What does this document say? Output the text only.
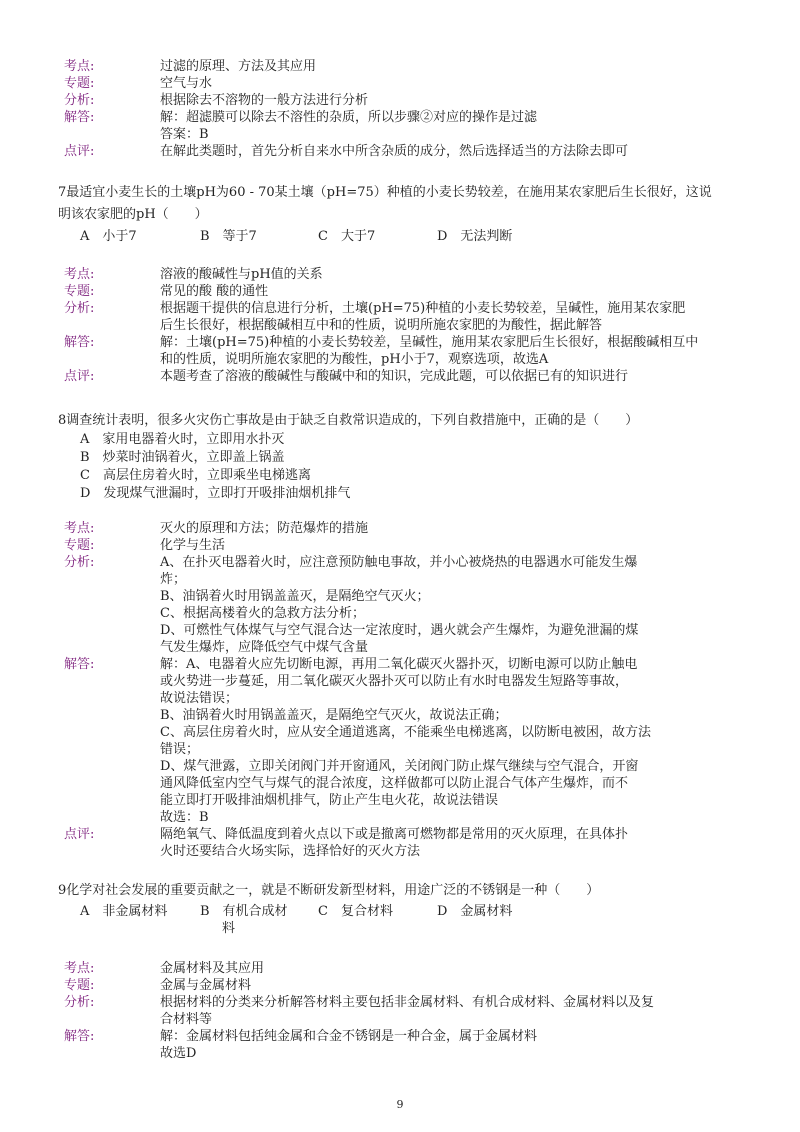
考点:	过滤的原理、方法及其应用
专题:	空气与水
分析:	根据除去不溶物的一般方法进行分析
解答:	解：超滤膜可以除去不溶性的杂质，所以步骤②对应的操作是过滤
答案：B
点评:	在解此类题时，首先分析自来水中所含杂质的成分，然后选择适当的方法除去即可
7最适宜小麦生长的土壤pH为60 - 70某土壤（pH=75）种植的小麦长势较差，在施用某农家肥后生长很好，这说
明该农家肥的pH（　　）
A　小于7	B　等于7	C　大于7	D　无法判断
考点:	溶液的酸碱性与pH值的关系
专题:	常见的酸 酸的通性
分析:	根据题干提供的信息进行分析，土壤(pH=75)种植的小麦长势较差，呈碱性，施用某农家肥
后生长很好，根据酸碱相互中和的性质，说明所施农家肥的为酸性，据此解答
解答:	解：土壤(pH=75)种植的小麦长势较差，呈碱性，施用某农家肥后生长很好，根据酸碱相互中
和的性质，说明所施农家肥的为酸性，pH小于7，观察选项，故选A
点评:	本题考查了溶液的酸碱性与酸碱中和的知识，完成此题，可以依据已有的知识进行
8调查统计表明，很多火灾伤亡事故是由于缺乏自救常识造成的，下列自救措施中，正确的是（　　）
A　家用电器着火时，立即用水扑灭
B　炒菜时油锅着火，立即盖上锅盖
C　高层住房着火时，立即乘坐电梯逃离
D　发现煤气泄漏时，立即打开吸排油烟机排气
考点:	灭火的原理和方法；防范爆炸的措施
专题:	化学与生活
分析:	A、在扑灭电器着火时，应注意预防触电事故，并小心被烧热的电器遇水可能发生爆
炸；
B、油锅着火时用锅盖盖灭，是隔绝空气灭火；
C、根据高楼着火的急救方法分析；
D、可燃性气体煤气与空气混合达一定浓度时，遇火就会产生爆炸，为避免泄漏的煤
气发生爆炸，应降低空气中煤气含量
解答:	解：A、电器着火应先切断电源，再用二氧化碳灭火器扑灭，切断电源可以防止触电
或火势进一步蔓延，用二氧化碳灭火器扑灭可以防止有水时电器发生短路等事故，
故说法错误；
B、油锅着火时用锅盖盖灭，是隔绝空气灭火，故说法正确；
C、高层住房着火时，应从安全通道逃离，不能乘坐电梯逃离，以防断电被困，故方法
错误；
D、煤气泄露，立即关闭阀门并开窗通风，关闭阀门防止煤气继续与空气混合，开窗
通风降低室内空气与煤气的混合浓度，这样做都可以防止混合气体产生爆炸，而不
能立即打开吸排油烟机排气，防止产生电火花，故说法错误
故选：B
点评:	隔绝氧气、降低温度到着火点以下或是撤离可燃物都是常用的灭火原理，在具体扑
火时还要结合火场实际，选择恰好的灭火方法
9化学对社会发展的重要贡献之一，就是不断研发新型材料，用途广泛的不锈钢是一种（　　）
A　非金属材料	B　有机合成材
料
C　复合材料	D　金属材料
考点:	金属材料及其应用
专题:	金属与金属材料
分析:	根据材料的分类来分析解答材料主要包括非金属材料、有机合成材料、金属材料以及复
合材料等
解答:	解：金属材料包括纯金属和合金不锈钢是一种合金，属于金属材料
故选D
9
